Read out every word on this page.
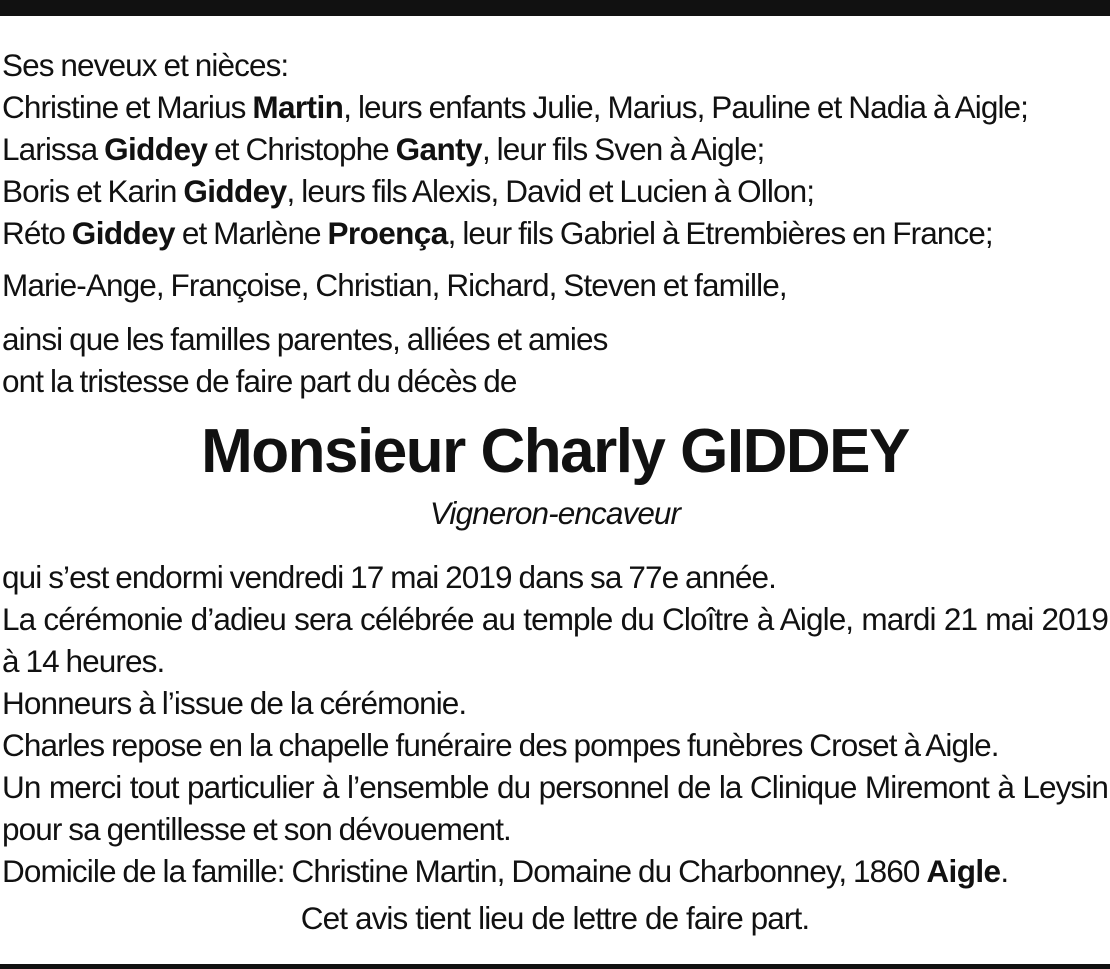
Ses neveux et nièces:
Christine et Marius Martin, leurs enfants Julie, Marius, Pauline et Nadia à Aigle;
Larissa Giddey et Christophe Ganty, leur fils Sven à Aigle;
Boris et Karin Giddey, leurs fils Alexis, David et Lucien à Ollon;
Réto Giddey et Marlène Proença, leur fils Gabriel à Etrembières en France;
Marie-Ange, Françoise, Christian, Richard, Steven et famille,
ainsi que les familles parentes, alliées et amies
ont la tristesse de faire part du décès de
Monsieur Charly GIDDEY
Vigneron-encaveur
qui s’est endormi vendredi 17 mai 2019 dans sa 77e année.
La cérémonie d’adieu sera célébrée au temple du Cloître à Aigle, mardi 21 mai 2019 à 14 heures.
Honneurs à l’issue de la cérémonie.
Charles repose en la chapelle funéraire des pompes funèbres Croset à Aigle.
Un merci tout particulier à l’ensemble du personnel de la Clinique Miremont à Leysin pour sa gentillesse et son dévouement.
Domicile de la famille: Christine Martin, Domaine du Charbonney, 1860 Aigle.
Cet avis tient lieu de lettre de faire part.
